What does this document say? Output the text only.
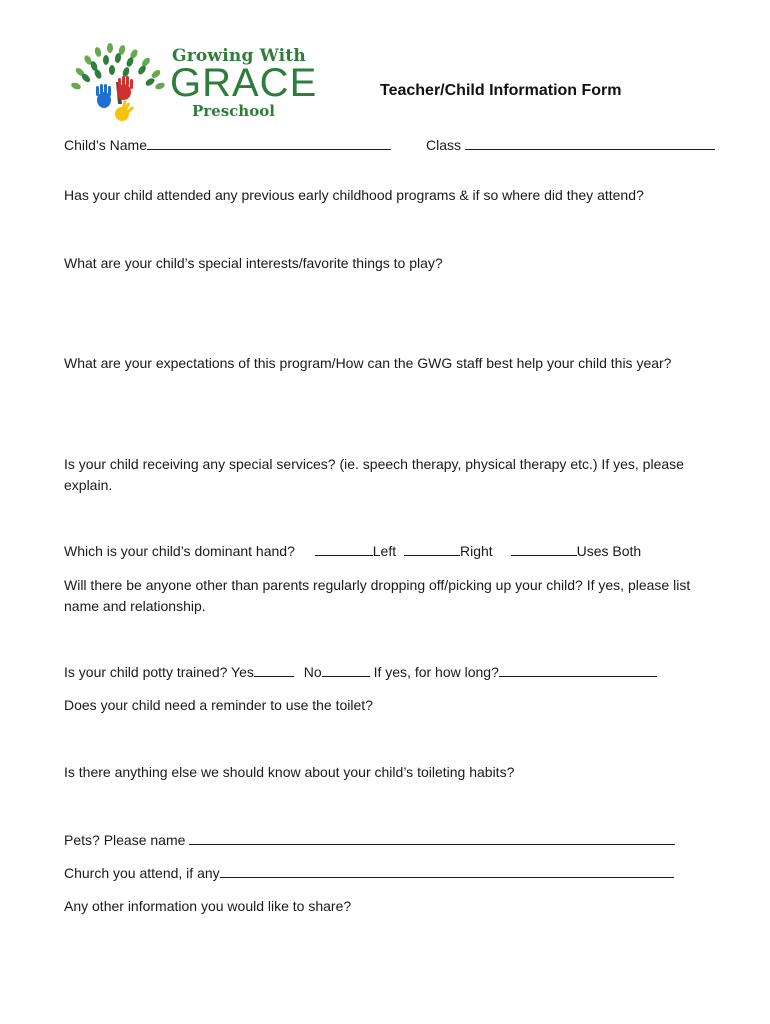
Growing With
GRACE
Preschool
Teacher/Child Information Form
Child’s Name	Class
Has your child attended any previous early childhood programs & if so where did they attend?
What are your child’s special interests/favorite things to play?
What are your expectations of this program/How can the GWG staff best help your child this year?
Is your child receiving any special services? (ie. speech therapy, physical therapy etc.) If yes, please explain.
Which is your child’s dominant hand?	Left	Right	Uses Both
Will there be anyone other than parents regularly dropping off/picking up your child? If yes, please list name and relationship.
Is your child potty trained? Yes	No	If yes, for how long?
Does your child need a reminder to use the toilet?
Is there anything else we should know about your child’s toileting habits?
Pets? Please name
Church you attend, if any
Any other information you would like to share?
